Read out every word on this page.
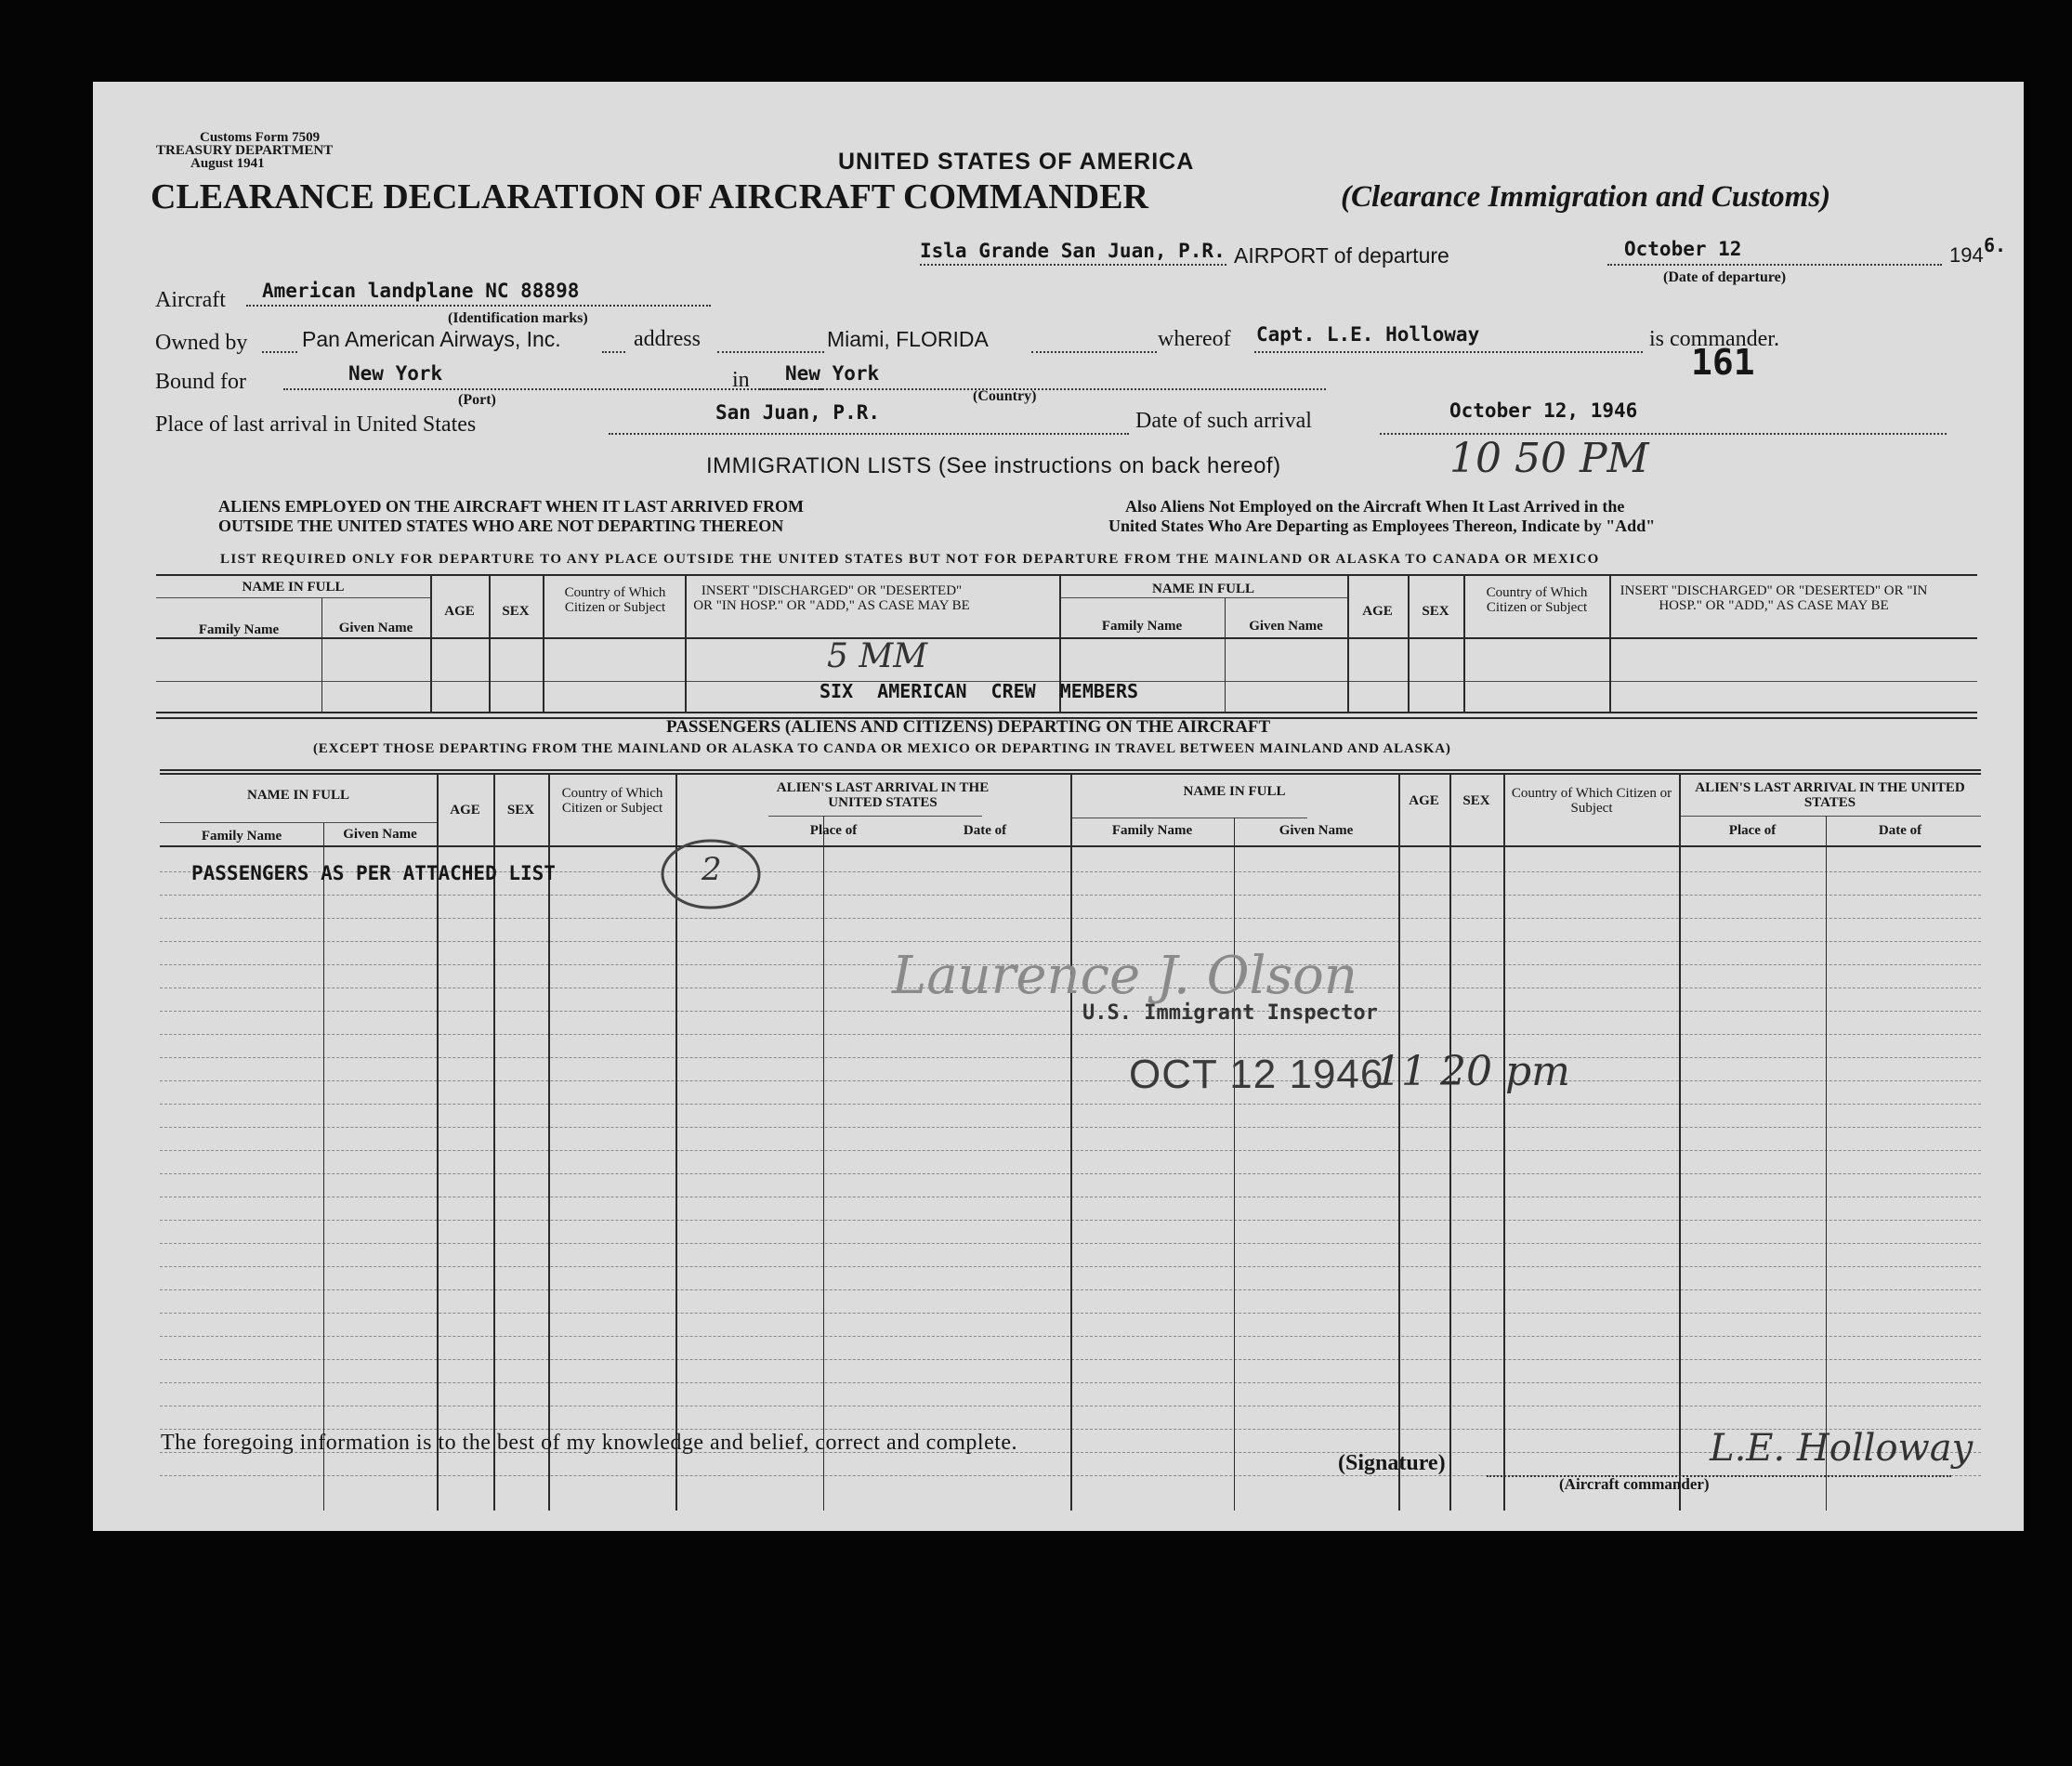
Customs Form 7509
TREASURY DEPARTMENT
August 1941	UNITED STATES OF AMERICA
CLEARANCE DECLARATION OF AIRCRAFT COMMANDER	(Clearance Immigration and Customs)
Isla Grande San Juan, P.R. AIRPORT of departure	October 12	194 6.
(Date of departure)
Aircraft American landplane NC 88898
(Identification marks)
Owned by	Pan American Airways, Inc.	address	Miami, FLORIDA	whereof Capt. L.E. Holloway	is commander.
161
Bound for	New York	in New York
(Port)	(Country)
Place of last arrival in United States	San Juan, P.R.	Date of such arrival	October 12, 1946
IMMIGRATION LISTS (See instructions on back hereof)	10 50 PM
ALIENS EMPLOYED ON THE AIRCRAFT WHEN IT LAST ARRIVED FROM
OUTSIDE THE UNITED STATES WHO ARE NOT DEPARTING THEREON
Also Aliens Not Employed on the Aircraft When It Last Arrived in the
United States Who Are Departing as Employees Thereon, Indicate by "Add"
LIST REQUIRED ONLY FOR DEPARTURE TO ANY PLACE OUTSIDE THE UNITED STATES BUT NOT FOR DEPARTURE FROM THE MAINLAND OR ALASKA TO CANADA OR MEXICO
NAME IN FULL
Family Name	Given Name
AGE	SEX
Country of Which Citizen or Subject
INSERT "DISCHARGED" OR "DESERTED" OR "IN HOSP." OR "ADD," AS CASE MAY BE
NAME IN FULL
Family Name	Given Name
AGE	SEX
Country of Which Citizen or Subject
INSERT "DISCHARGED" OR "DESERTED" OR "IN HOSP." OR "ADD," AS CASE MAY BE
5 MM
SIX AMERICAN CREW MEMBERS
PASSENGERS (ALIENS AND CITIZENS) DEPARTING ON THE AIRCRAFT
(EXCEPT THOSE DEPARTING FROM THE MAINLAND OR ALASKA TO CANDA OR MEXICO OR DEPARTING IN TRAVEL BETWEEN MAINLAND AND ALASKA)
NAME IN FULL
Family Name	Given Name
AGE	SEX
Country of Which Citizen or Subject
ALIEN'S LAST ARRIVAL IN THE UNITED STATES
Place of	Date of
NAME IN FULL
Family Name	Given Name
AGE	SEX	Country of Which Citizen or Subject
ALIEN'S LAST ARRIVAL IN THE UNITED STATES
Place of	Date of
PASSENGERS AS PER ATTACHED LIST	2
Laurence J. Olson
U.S. Immigrant Inspector
OCT 12 1946
11 20 pm
The foregoing information is to the best of my knowledge and belief, correct and complete.
(Signature)	L.E. Holloway
(Aircraft commander)
